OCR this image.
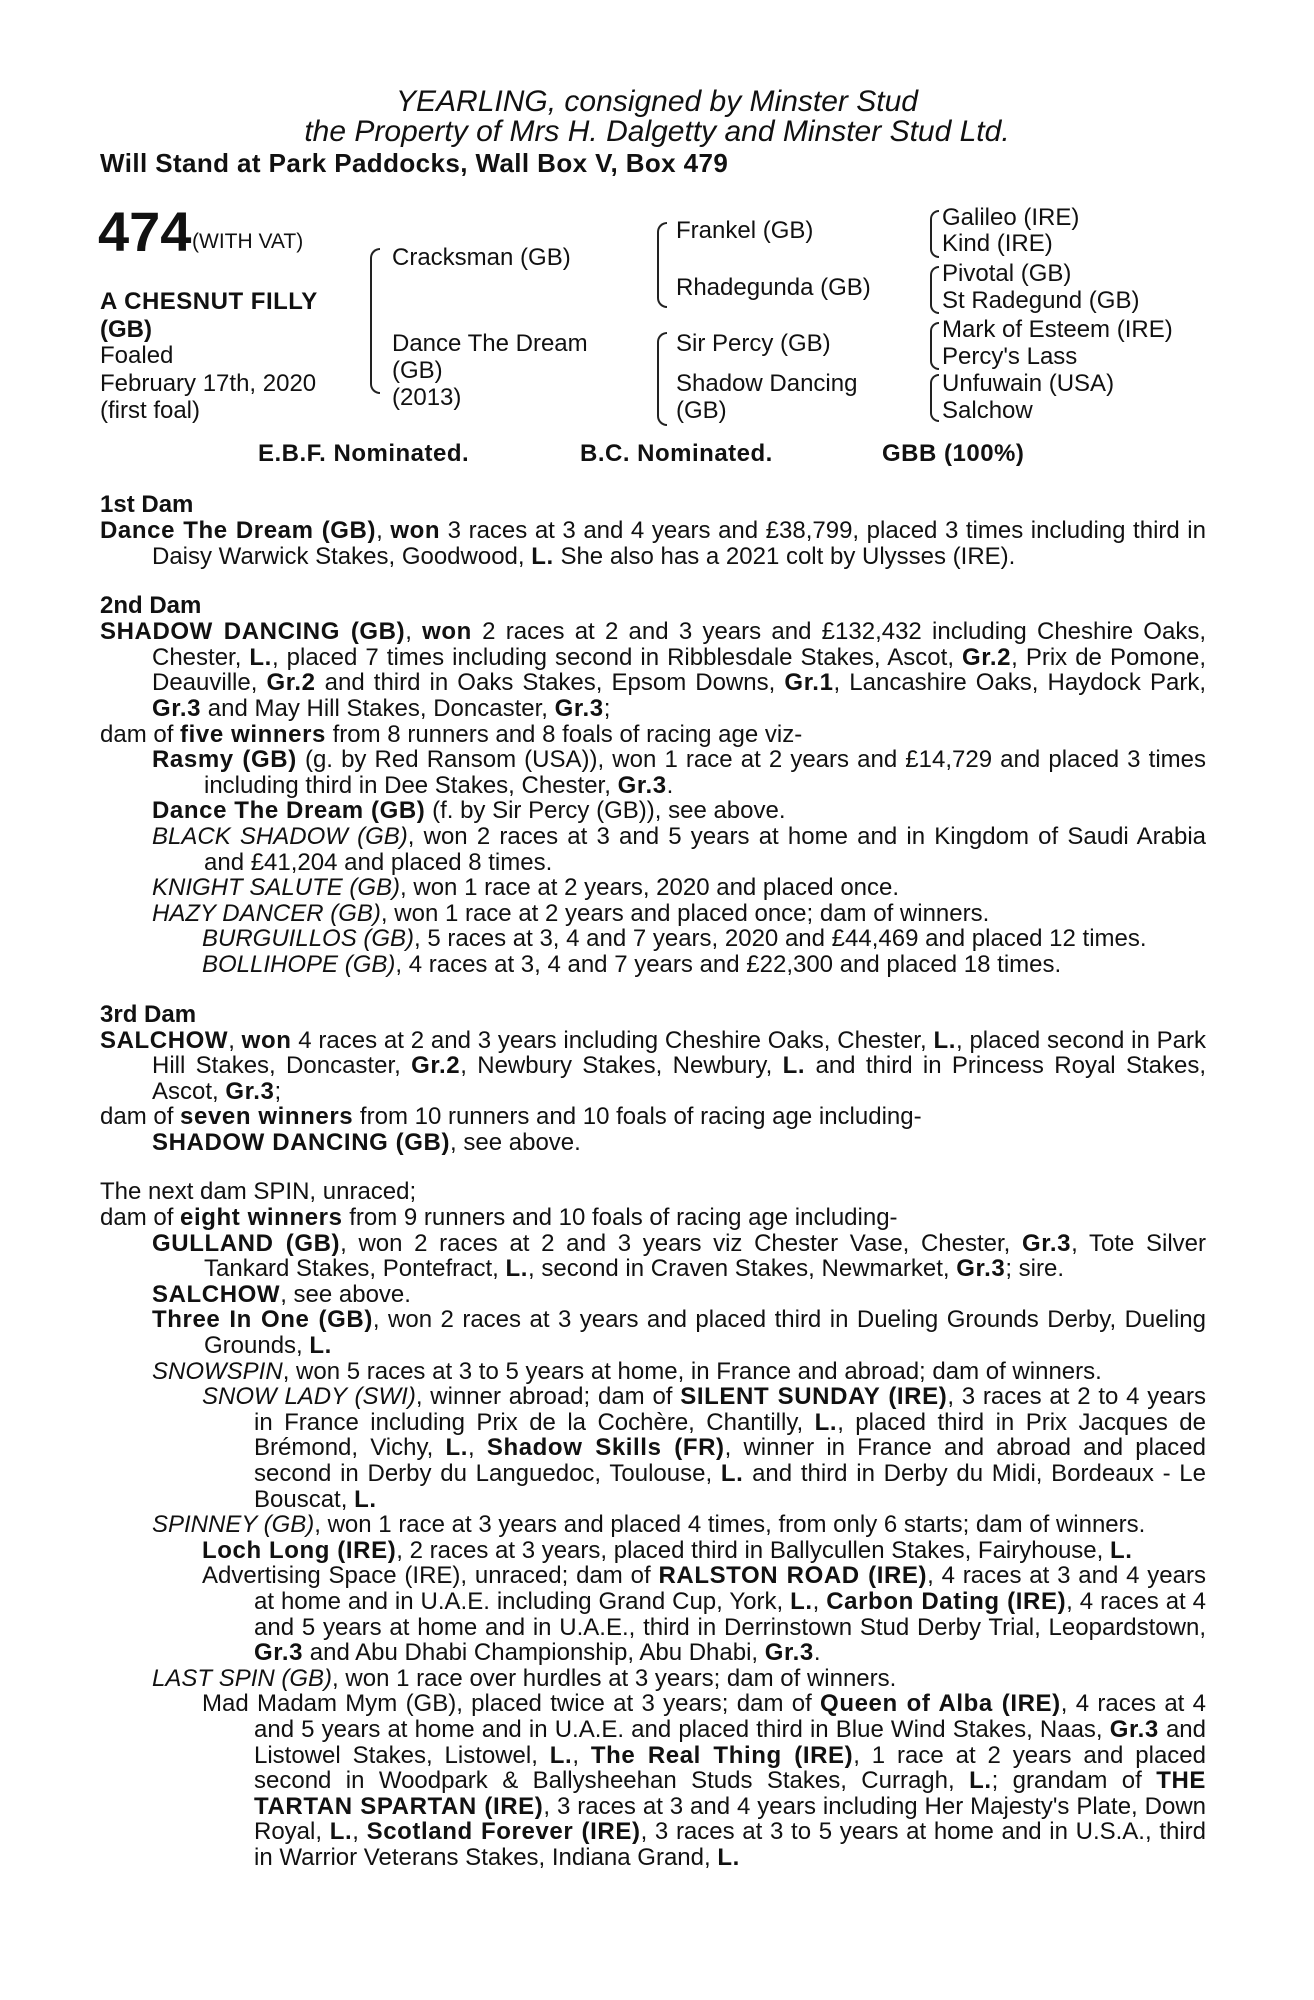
YEARLING, consigned by Minster Stud
the Property of Mrs H. Dalgetty and Minster Stud Ltd.
Will Stand at Park Paddocks, Wall Box V, Box 479
474 (WITH VAT)
A CHESNUT FILLY
(GB)
Foaled
February 17th, 2020
(first foal)
Cracksman (GB)
Dance The Dream
(GB)
(2013)
Frankel (GB)
Rhadegunda (GB)
Sir Percy (GB)
Shadow Dancing
(GB)
Galileo (IRE)
Kind (IRE)
Pivotal (GB)
St Radegund (GB)
Mark of Esteem (IRE)
Percy's Lass
Unfuwain (USA)
Salchow
E.B.F. Nominated.	B.C. Nominated.	GBB (100%)
1st Dam
Dance The Dream (GB), won 3 races at 3 and 4 years and £38,799, placed 3 times including third in Daisy Warwick Stakes, Goodwood, L. She also has a 2021 colt by Ulysses (IRE).
2nd Dam
SHADOW DANCING (GB), won 2 races at 2 and 3 years and £132,432 including Cheshire Oaks, Chester, L., placed 7 times including second in Ribblesdale Stakes, Ascot, Gr.2, Prix de Pomone, Deauville, Gr.2 and third in Oaks Stakes, Epsom Downs, Gr.1, Lancashire Oaks, Haydock Park, Gr.3 and May Hill Stakes, Doncaster, Gr.3;
dam of five winners from 8 runners and 8 foals of racing age viz-
Rasmy (GB) (g. by Red Ransom (USA)), won 1 race at 2 years and £14,729 and placed 3 times including third in Dee Stakes, Chester, Gr.3.
Dance The Dream (GB) (f. by Sir Percy (GB)), see above.
BLACK SHADOW (GB), won 2 races at 3 and 5 years at home and in Kingdom of Saudi Arabia and £41,204 and placed 8 times.
KNIGHT SALUTE (GB), won 1 race at 2 years, 2020 and placed once.
HAZY DANCER (GB), won 1 race at 2 years and placed once; dam of winners.
BURGUILLOS (GB), 5 races at 3, 4 and 7 years, 2020 and £44,469 and placed 12 times.
BOLLIHOPE (GB), 4 races at 3, 4 and 7 years and £22,300 and placed 18 times.
3rd Dam
SALCHOW, won 4 races at 2 and 3 years including Cheshire Oaks, Chester, L., placed second in Park Hill Stakes, Doncaster, Gr.2, Newbury Stakes, Newbury, L. and third in Princess Royal Stakes, Ascot, Gr.3;
dam of seven winners from 10 runners and 10 foals of racing age including-
SHADOW DANCING (GB), see above.
The next dam SPIN, unraced;
dam of eight winners from 9 runners and 10 foals of racing age including-
GULLAND (GB), won 2 races at 2 and 3 years viz Chester Vase, Chester, Gr.3, Tote Silver Tankard Stakes, Pontefract, L., second in Craven Stakes, Newmarket, Gr.3; sire.
SALCHOW, see above.
Three In One (GB), won 2 races at 3 years and placed third in Dueling Grounds Derby, Dueling Grounds, L.
SNOWSPIN, won 5 races at 3 to 5 years at home, in France and abroad; dam of winners.
SNOW LADY (SWI), winner abroad; dam of SILENT SUNDAY (IRE), 3 races at 2 to 4 years in France including Prix de la Cochère, Chantilly, L., placed third in Prix Jacques de Brémond, Vichy, L., Shadow Skills (FR), winner in France and abroad and placed second in Derby du Languedoc, Toulouse, L. and third in Derby du Midi, Bordeaux - Le Bouscat, L.
SPINNEY (GB), won 1 race at 3 years and placed 4 times, from only 6 starts; dam of winners.
Loch Long (IRE), 2 races at 3 years, placed third in Ballycullen Stakes, Fairyhouse, L.
Advertising Space (IRE), unraced; dam of RALSTON ROAD (IRE), 4 races at 3 and 4 years at home and in U.A.E. including Grand Cup, York, L., Carbon Dating (IRE), 4 races at 4 and 5 years at home and in U.A.E., third in Derrinstown Stud Derby Trial, Leopardstown, Gr.3 and Abu Dhabi Championship, Abu Dhabi, Gr.3.
LAST SPIN (GB), won 1 race over hurdles at 3 years; dam of winners.
Mad Madam Mym (GB), placed twice at 3 years; dam of Queen of Alba (IRE), 4 races at 4 and 5 years at home and in U.A.E. and placed third in Blue Wind Stakes, Naas, Gr.3 and Listowel Stakes, Listowel, L., The Real Thing (IRE), 1 race at 2 years and placed second in Woodpark & Ballysheehan Studs Stakes, Curragh, L.; grandam of THE TARTAN SPARTAN (IRE), 3 races at 3 and 4 years including Her Majesty's Plate, Down Royal, L., Scotland Forever (IRE), 3 races at 3 to 5 years at home and in U.S.A., third in Warrior Veterans Stakes, Indiana Grand, L.
